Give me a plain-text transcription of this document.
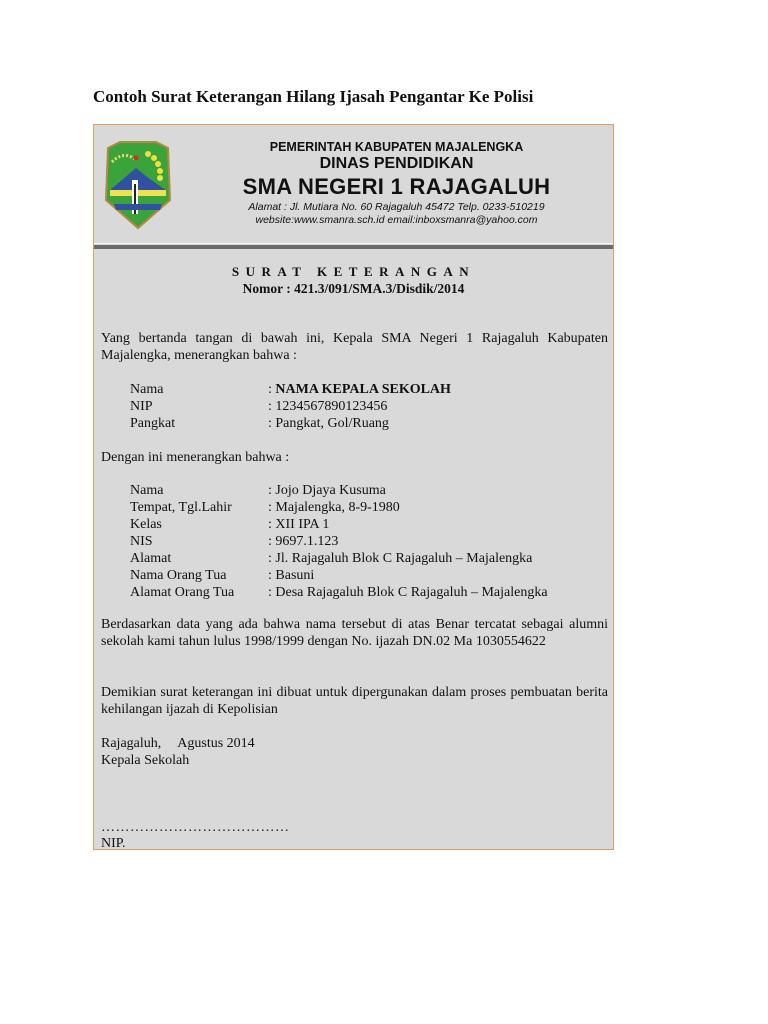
Contoh Surat Keterangan Hilang Ijasah Pengantar Ke Polisi
PEMERINTAH KABUPATEN MAJALENGKA
DINAS PENDIDIKAN
SMA NEGERI 1 RAJAGALUH
Alamat : Jl. Mutiara No. 60 Rajagaluh 45472 Telp. 0233-510219
website:www.smanra.sch.id email:inboxsmanra@yahoo.com
SURAT KETERANGAN
Nomor : 421.3/091/SMA.3/Disdik/2014
Yang bertanda tangan di bawah ini, Kepala SMA Negeri 1 Rajagaluh Kabupaten Majalengka, menerangkan bahwa :
Nama	: NAMA KEPALA SEKOLAH
NIP	: 1234567890123456
Pangkat	: Pangkat, Gol/Ruang
Dengan ini menerangkan bahwa :
Nama	: Jojo Djaya Kusuma
Tempat, Tgl.Lahir	: Majalengka, 8-9-1980
Kelas	: XII IPA 1
NIS	: 9697.1.123
Alamat	: Jl. Rajagaluh Blok C Rajagaluh – Majalengka
Nama Orang Tua	: Basuni
Alamat Orang Tua	: Desa Rajagaluh Blok C Rajagaluh – Majalengka
Berdasarkan data yang ada bahwa nama tersebut di atas Benar tercatat sebagai alumni sekolah kami tahun lulus 1998/1999 dengan No. ijazah DN.02 Ma 1030554622
Demikian surat keterangan ini dibuat untuk dipergunakan dalam proses pembuatan berita kehilangan ijazah di Kepolisian
Rajagaluh, Agustus 2014
Kepala Sekolah
…………………………………
NIP.
